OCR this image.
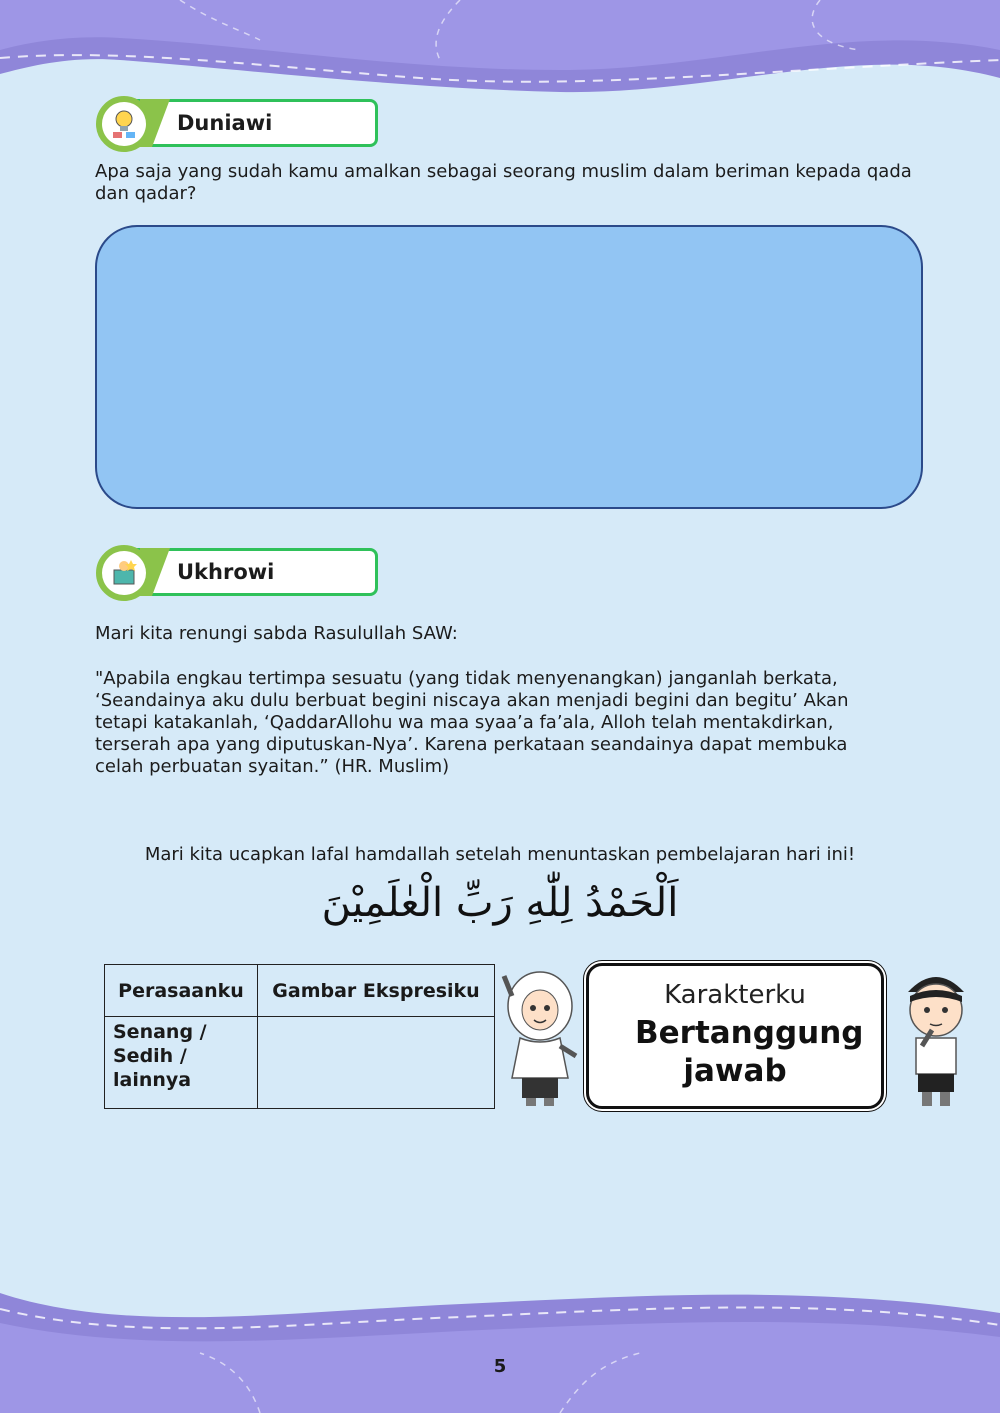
Duniawi
Apa saja yang sudah kamu amalkan sebagai seorang muslim dalam beriman kepada qada dan qadar?
Ukhrowi
Mari kita renungi sabda Rasulullah SAW:
"Apabila engkau tertimpa sesuatu (yang tidak menyenangkan) janganlah berkata, ‘Seandainya aku dulu berbuat begini niscaya akan menjadi begini dan begitu’ Akan tetapi katakanlah, ‘QaddarAllohu wa maa syaa’a fa’ala, Alloh telah mentakdirkan, terserah apa yang diputuskan-Nya’. Karena perkataan seandainya dapat membuka celah perbuatan syaitan.” (HR. Muslim)
Mari kita ucapkan lafal hamdallah setelah menuntaskan pembelajaran hari ini!
اَلْحَمْدُ لِلّٰهِ رَبِّ الْعٰلَمِيْنَ
Perasaanku	Gambar Ekspresiku
Senang / Sedih / lainnya	
Karakterku
Bertanggung jawab
5
